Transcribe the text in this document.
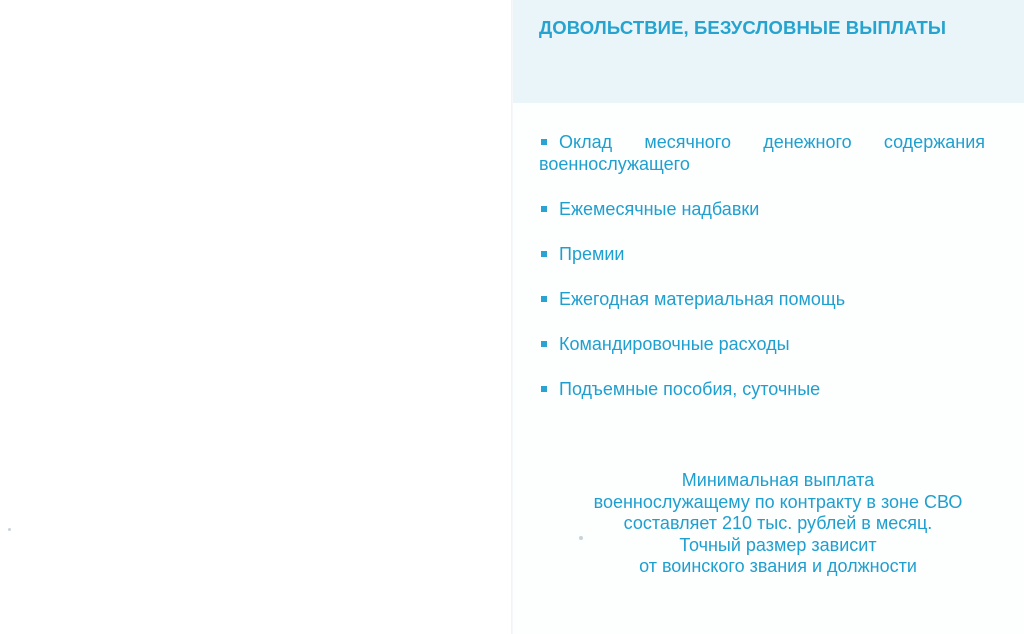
ДОВОЛЬСТВИЕ, БЕЗУСЛОВНЫЕ ВЫПЛАТЫ
Оклад месячного денежного содержания
военнослужащего
Ежемесячные надбавки
Премии
Ежегодная материальная помощь
Командировочные расходы
Подъемные пособия, суточные

Минимальная выплата
военнослужащему по контракту в зоне СВО
составляет 210 тыс. рублей в месяц.
Точный размер зависит
от воинского звания и должности
